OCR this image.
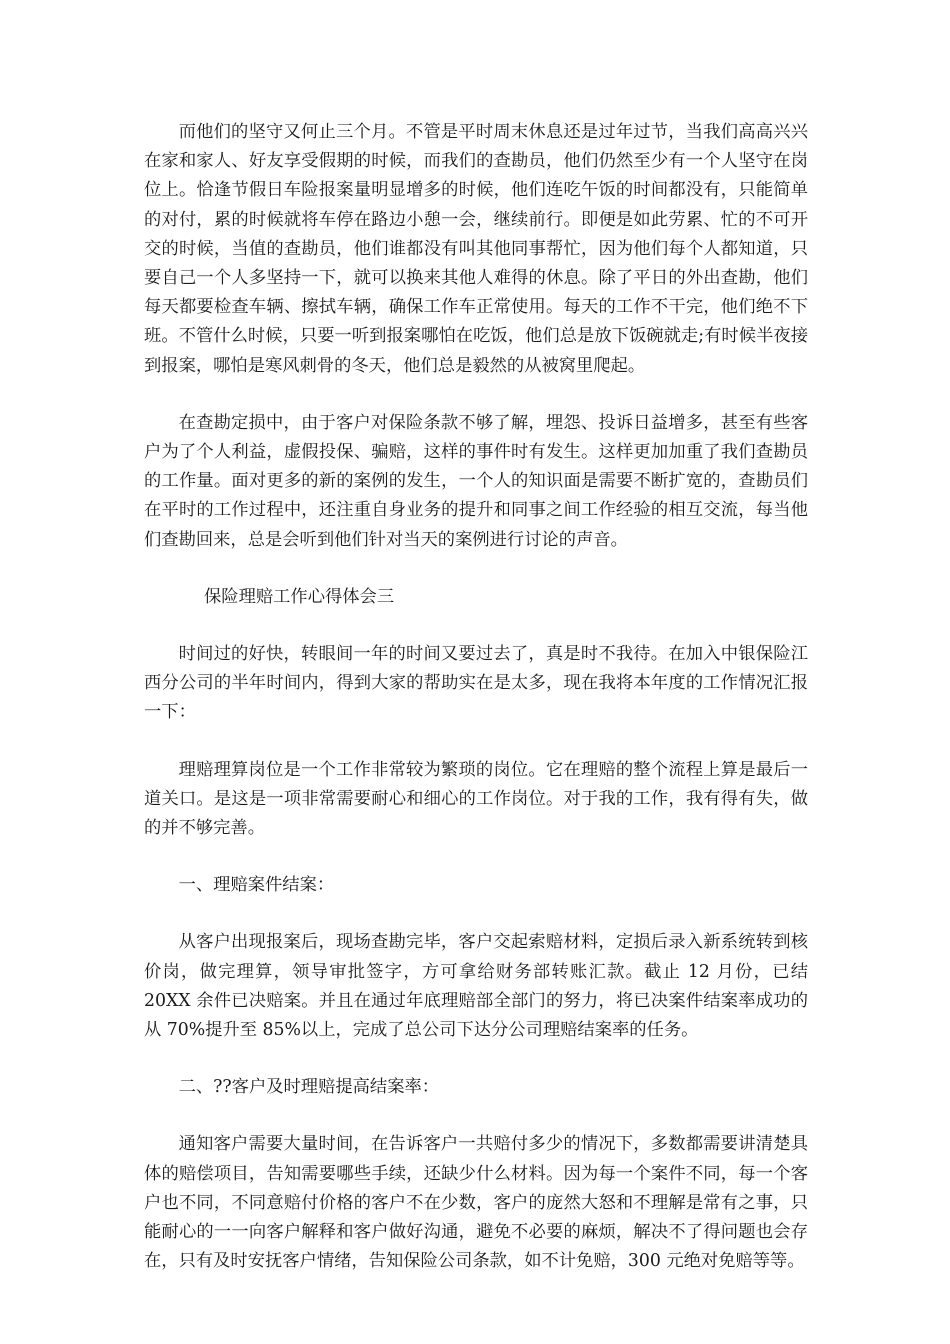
而他们的坚守又何止三个月。不管是平时周末休息还是过年过节，当我们高高兴兴在家和家人、好友享受假期的时候，而我们的查勘员，他们仍然至少有一个人坚守在岗位上。恰逢节假日车险报案量明显增多的时候，他们连吃午饭的时间都没有，只能简单的对付，累的时候就将车停在路边小憩一会，继续前行。即便是如此劳累、忙的不可开交的时候，当值的查勘员，他们谁都没有叫其他同事帮忙，因为他们每个人都知道，只要自己一个人多坚持一下，就可以换来其他人难得的休息。除了平日的外出查勘，他们每天都要检查车辆、擦拭车辆，确保工作车正常使用。每天的工作不干完，他们绝不下班。不管什么时候，只要一听到报案哪怕在吃饭，他们总是放下饭碗就走;有时候半夜接到报案，哪怕是寒风刺骨的冬天，他们总是毅然的从被窝里爬起。

在查勘定损中，由于客户对保险条款不够了解，埋怨、投诉日益增多，甚至有些客户为了个人利益，虚假投保、骗赔，这样的事件时有发生。这样更加加重了我们查勘员的工作量。面对更多的新的案例的发生，一个人的知识面是需要不断扩宽的，查勘员们在平时的工作过程中，还注重自身业务的提升和同事之间工作经验的相互交流，每当他们查勘回来，总是会听到他们针对当天的案例进行讨论的声音。

保险理赔工作心得体会三

时间过的好快，转眼间一年的时间又要过去了，真是时不我待。在加入中银保险江西分公司的半年时间内，得到大家的帮助实在是太多，现在我将本年度的工作情况汇报一下：

理赔理算岗位是一个工作非常较为繁琐的岗位。它在理赔的整个流程上算是最后一道关口。是这是一项非常需要耐心和细心的工作岗位。对于我的工作，我有得有失，做的并不够完善。

一、理赔案件结案：

从客户出现报案后，现场查勘完毕，客户交起索赔材料，定损后录入新系统转到核价岗，做完理算，领导审批签字，方可拿给财务部转账汇款。截止 12 月份，已结 20XX 余件已决赔案。并且在通过年底理赔部全部门的努力，将已决案件结案率成功的从 70%提升至 85%以上，完成了总公司下达分公司理赔结案率的任务。

二、??客户及时理赔提高结案率：

通知客户需要大量时间，在告诉客户一共赔付多少的情况下，多数都需要讲清楚具体的赔偿项目，告知需要哪些手续，还缺少什么材料。因为每一个案件不同，每一个客户也不同，不同意赔付价格的客户不在少数，客户的庞然大怒和不理解是常有之事，只能耐心的一一向客户解释和客户做好沟通，避免不必要的麻烦，解决不了得问题也会存在，只有及时安抚客户情绪，告知保险公司条款，如不计免赔，300 元绝对免赔等等。
